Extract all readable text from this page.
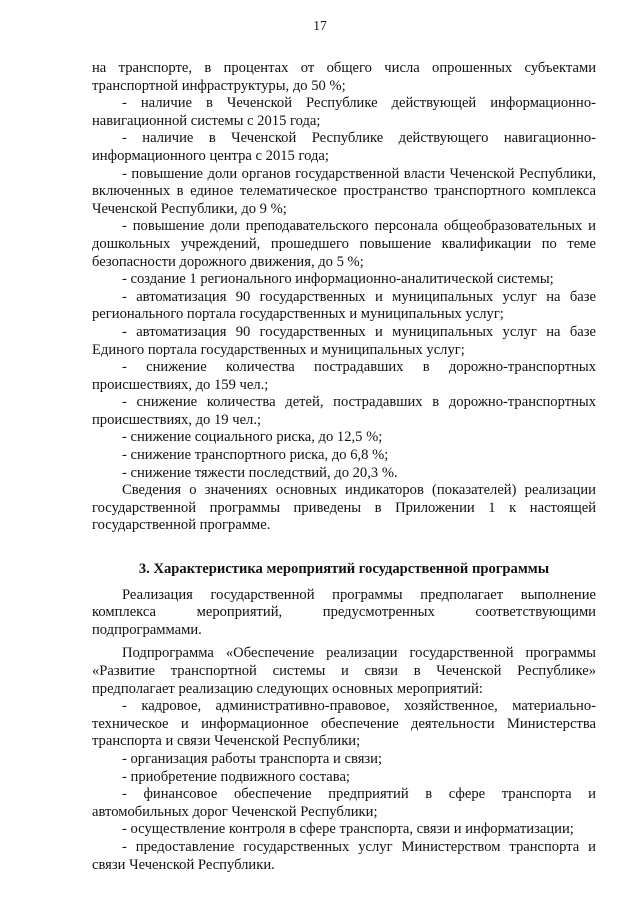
17

на транспорте, в процентах от общего числа опрошенных субъектами транспортной инфраструктуры, до 50 %;

- наличие в Чеченской Республике действующей информационно-навигационной системы с 2015 года;

- наличие в Чеченской Республике действующего навигационно-информационного центра с 2015 года;

- повышение доли органов государственной власти Чеченской Республики, включенных в единое телематическое пространство транспортного комплекса Чеченской Республики, до 9 %;

- повышение доли преподавательского персонала общеобразовательных и дошкольных учреждений, прошедшего повышение квалификации по теме безопасности дорожного движения, до 5 %;

- создание 1 регионального информационно-аналитической системы;

- автоматизация 90 государственных и муниципальных услуг на базе регионального портала государственных и муниципальных услуг;

- автоматизация 90 государственных и муниципальных услуг на базе Единого портала государственных и муниципальных услуг;

- снижение количества пострадавших в дорожно-транспортных происшествиях, до 159 чел.;

- снижение количества детей, пострадавших в дорожно-транспортных происшествиях, до 19 чел.;

- снижение социального риска, до 12,5 %;

- снижение транспортного риска, до 6,8 %;

- снижение тяжести последствий, до 20,3 %.

Сведения о значениях основных индикаторов (показателей) реализации государственной программы приведены в Приложении 1 к настоящей государственной программе.

3. Характеристика мероприятий государственной программы

Реализация государственной программы предполагает выполнение комплекса мероприятий, предусмотренных соответствующими подпрограммами.

Подпрограмма «Обеспечение реализации государственной программы «Развитие транспортной системы и связи в Чеченской Республике» предполагает реализацию следующих основных мероприятий:

- кадровое, административно-правовое, хозяйственное, материально-техническое и информационное обеспечение деятельности Министерства транспорта и связи Чеченской Республики;

- организация работы транспорта и связи;

- приобретение подвижного состава;

- финансовое обеспечение предприятий в сфере транспорта и автомобильных дорог Чеченской Республики;

- осуществление контроля в сфере транспорта, связи и информатизации;

- предоставление государственных услуг Министерством транспорта и связи Чеченской Республики.
